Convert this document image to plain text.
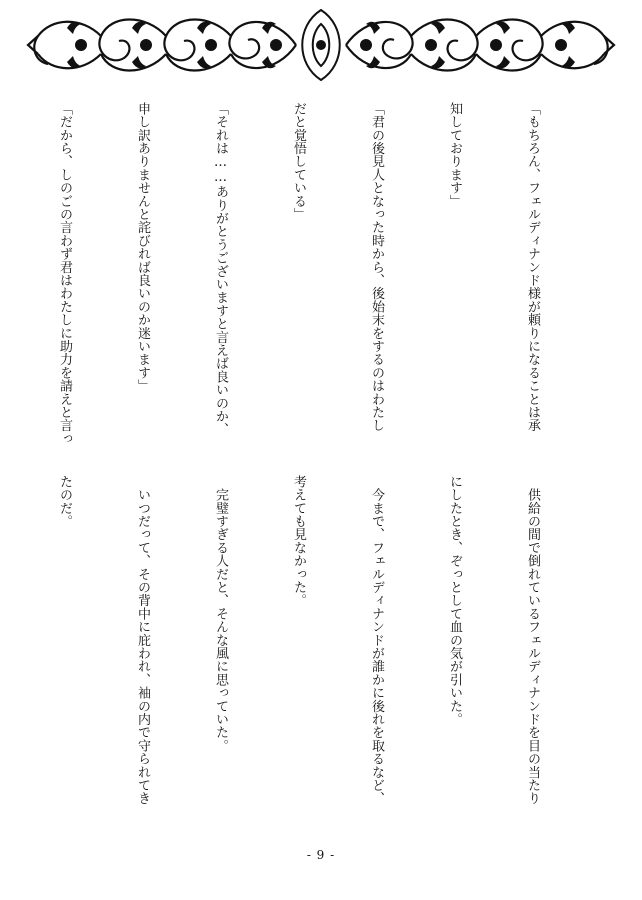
「もちろん、フェルディナンド様が頼りになることは承

知しております」

「君の後見人となった時から、後始末をするのはわたし

だと覚悟している」

「それは……ありがとうございますと言えば良いのか、

申し訳ありませんと詫びれば良いのか迷います」

「だから、しのごの言わず君はわたしに助力を請えと言っ

　供給の間で倒れているフェルディナンドを目の当たり

にしたとき、ぞっとして血の気が引いた。

　今まで、フェルディナンドが誰かに後れを取るなど、

考えても見なかった。

　完璧すぎる人だと、そんな風に思っていた。

　いつだって、その背中に庇われ、袖の内で守られてき

たのだ。

- 9 -
